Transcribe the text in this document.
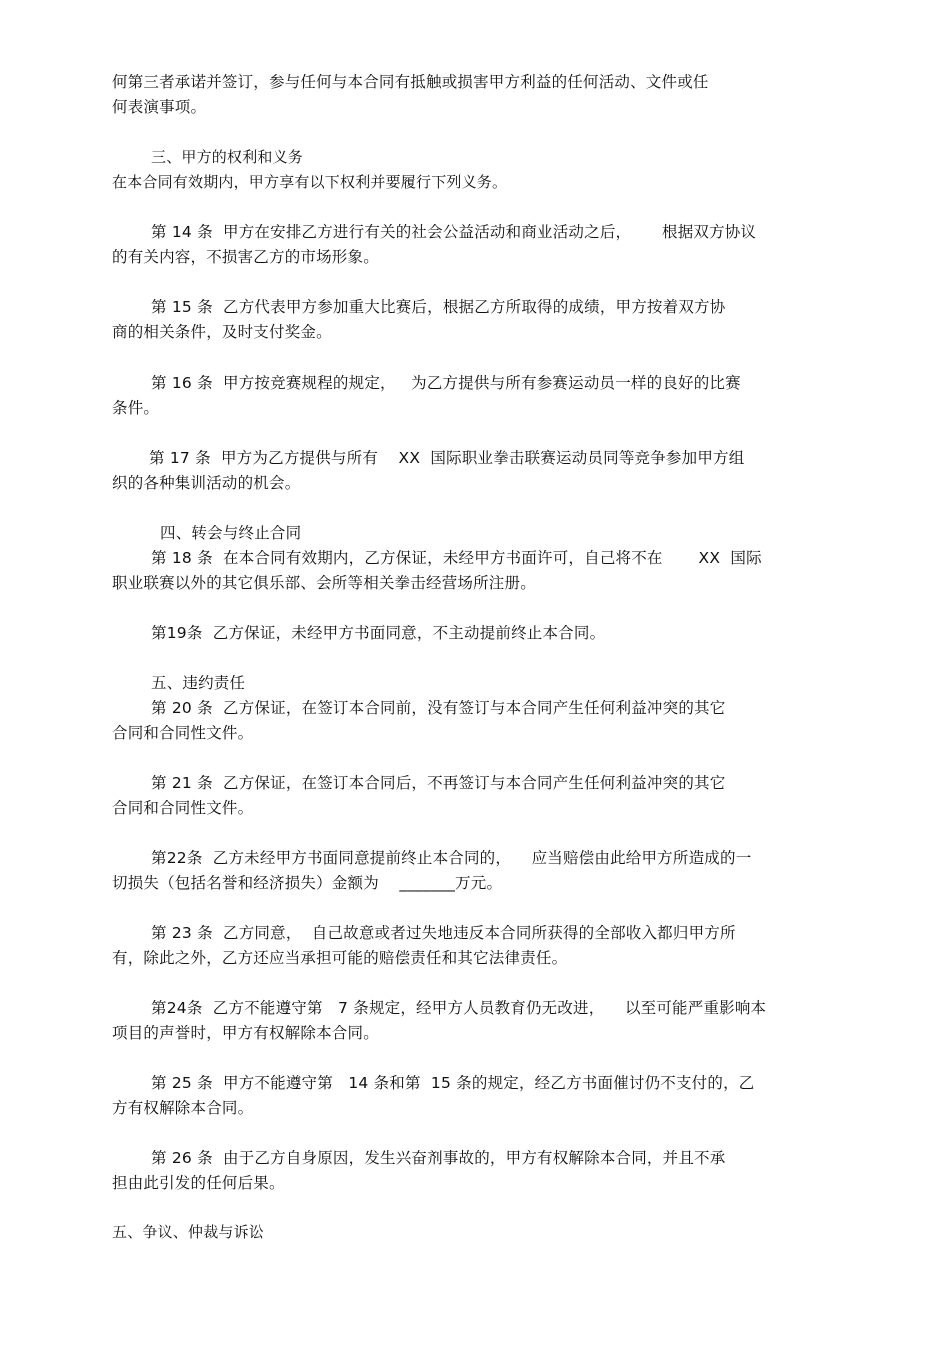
何第三者承诺并签订，参与任何与本合同有抵触或损害甲方利益的任何活动、文件或任
何表演事项。
三、甲方的权利和义务
在本合同有效期内，甲方享有以下权利并要履行下列义务。
第 14 条  甲方在安排乙方进行有关的社会公益活动和商业活动之后，      根据双方协议
的有关内容，不损害乙方的市场形象。
第 15 条  乙方代表甲方参加重大比赛后，根据乙方所取得的成绩，甲方按着双方协
商的相关条件，及时支付奖金。
第 16 条  甲方按竞赛规程的规定，   为乙方提供与所有参赛运动员一样的良好的比赛
条件。
第 17 条  甲方为乙方提供与所有    XX  国际职业拳击联赛运动员同等竞争参加甲方组
织的各种集训活动的机会。
四、转会与终止合同
第 18 条  在本合同有效期内，乙方保证，未经甲方书面许可，自己将不在       XX  国际
职业联赛以外的其它俱乐部、会所等相关拳击经营场所注册。
第19条  乙方保证，未经甲方书面同意，不主动提前终止本合同。
五、违约责任
第 20 条  乙方保证，在签订本合同前，没有签订与本合同产生任何利益冲突的其它
合同和合同性文件。
第 21 条  乙方保证，在签订本合同后，不再签订与本合同产生任何利益冲突的其它
合同和合同性文件。
第22条  乙方未经甲方书面同意提前终止本合同的，    应当赔偿由此给甲方所造成的一
切损失（包括名誉和经济损失）金额为    _______万元。
第 23 条  乙方同意，  自己故意或者过失地违反本合同所获得的全部收入都归甲方所
有，除此之外，乙方还应当承担可能的赔偿责任和其它法律责任。
第24条  乙方不能遵守第   7 条规定，经甲方人员教育仍无改进，    以至可能严重影响本
项目的声誉时，甲方有权解除本合同。
第 25 条  甲方不能遵守第   14 条和第  15 条的规定，经乙方书面催讨仍不支付的，乙
方有权解除本合同。
第 26 条  由于乙方自身原因，发生兴奋剂事故的，甲方有权解除本合同，并且不承
担由此引发的任何后果。
五、争议、仲裁与诉讼
